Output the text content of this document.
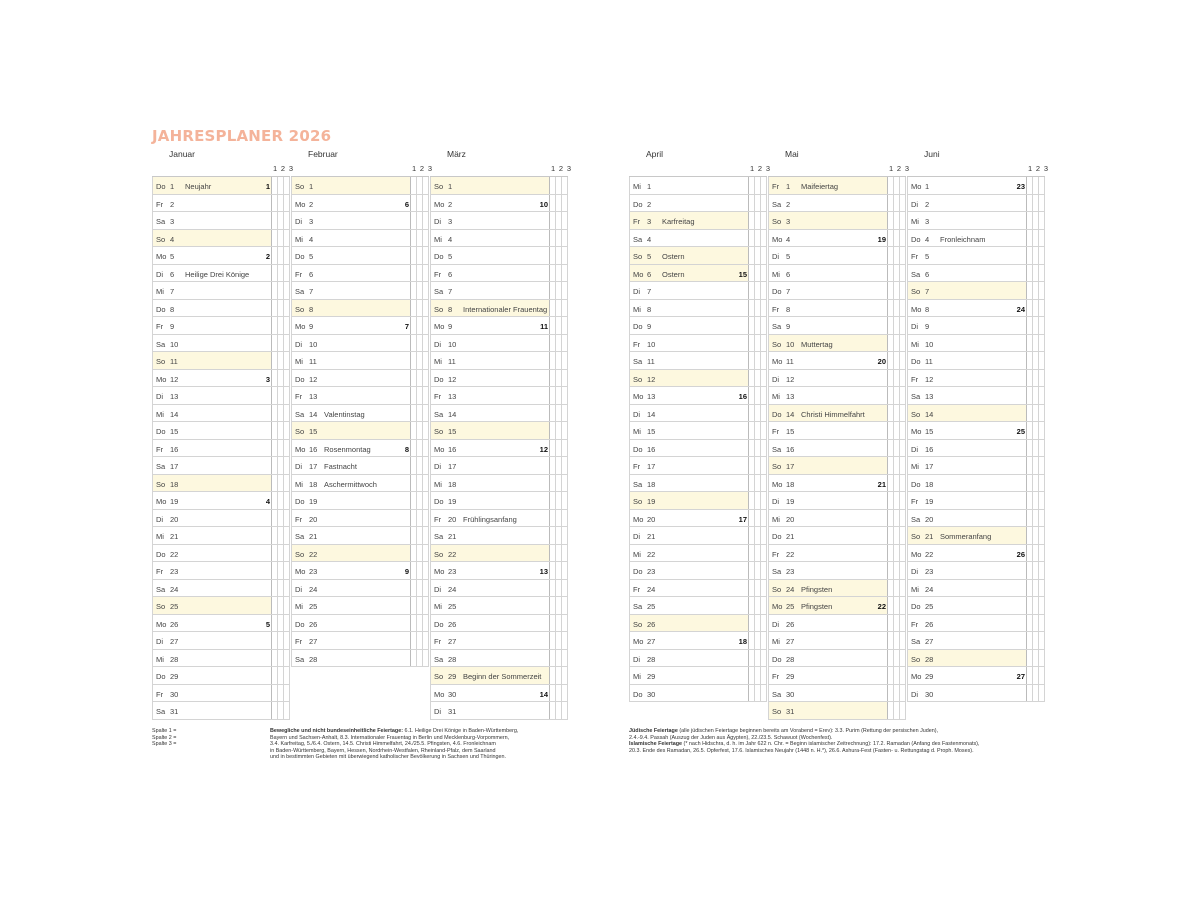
JAHRESPLANER 2026
Januar
1 2 3
Do 1 Neujahr	1
Fr 2
Sa 3
So 4
Mo 5	2
Di 6 Heilige Drei Könige
Mi 7
Do 8
Fr 9
Sa 10
So 11
Mo 12	3
Di 13
Mi 14
Do 15
Fr 16
Sa 17
So 18
Mo 19	4
Di 20
Mi 21
Do 22
Fr 23
Sa 24
So 25
Mo 26	5
Di 27
Mi 28
Do 29
Fr 30
Sa 31
Februar
1 2 3
So 1
Mo 2	6
Di 3
Mi 4
Do 5
Fr 6
Sa 7
So 8
Mo 9	7
Di 10
Mi 11
Do 12
Fr 13
Sa 14 Valentinstag
So 15
Mo 16 Rosenmontag	8
Di 17 Fastnacht
Mi 18 Aschermittwoch
Do 19
Fr 20
Sa 21
So 22
Mo 23	9
Di 24
Mi 25
Do 26
Fr 27
Sa 28
März
1 2 3
So 1
Mo 2	10
Di 3
Mi 4
Do 5
Fr 6
Sa 7
So 8 Internationaler Frauentag
Mo 9	11
Di 10
Mi 11
Do 12
Fr 13
Sa 14
So 15
Mo 16	12
Di 17
Mi 18
Do 19
Fr 20 Frühlingsanfang
Sa 21
So 22
Mo 23	13
Di 24
Mi 25
Do 26
Fr 27
Sa 28
So 29 Beginn der Sommerzeit
Mo 30	14
Di 31
April
1 2 3
Mi 1
Do 2
Fr 3 Karfreitag
Sa 4
So 5 Ostern
Mo 6 Ostern	15
Di 7
Mi 8
Do 9
Fr 10
Sa 11
So 12
Mo 13	16
Di 14
Mi 15
Do 16
Fr 17
Sa 18
So 19
Mo 20	17
Di 21
Mi 22
Do 23
Fr 24
Sa 25
So 26
Mo 27	18
Di 28
Mi 29
Do 30
Mai
1 2 3
Fr 1 Maifeiertag
Sa 2
So 3
Mo 4	19
Di 5
Mi 6
Do 7
Fr 8
Sa 9
So 10 Muttertag
Mo 11	20
Di 12
Mi 13
Do 14 Christi Himmelfahrt
Fr 15
Sa 16
So 17
Mo 18	21
Di 19
Mi 20
Do 21
Fr 22
Sa 23
So 24 Pfingsten
Mo 25 Pfingsten	22
Di 26
Mi 27
Do 28
Fr 29
Sa 30
So 31
Juni
1 2 3
Mo 1	23
Di 2
Mi 3
Do 4 Fronleichnam
Fr 5
Sa 6
So 7
Mo 8	24
Di 9
Mi 10
Do 11
Fr 12
Sa 13
So 14
Mo 15	25
Di 16
Mi 17
Do 18
Fr 19
Sa 20
So 21 Sommeranfang
Mo 22	26
Di 23
Mi 24
Do 25
Fr 26
Sa 27
So 28
Mo 29	27
Di 30
Spalte 1 =
Spalte 2 =
Spalte 3 =
Bewegliche und nicht bundeseinheitliche Feiertage: 6.1. Heilige Drei Könige in Baden-Württemberg,
Bayern und Sachsen-Anhalt, 8.3. Internationaler Frauentag in Berlin und Mecklenburg-Vorpommern,
3.4. Karfreitag, 5./6.4. Ostern, 14.5. Christi Himmelfahrt, 24./25.5. Pfingsten, 4.6. Fronleichnam
in Baden-Württemberg, Bayern, Hessen, Nordrhein-Westfalen, Rheinland-Pfalz, dem Saarland
und in bestimmten Gebieten mit überwiegend katholischer Bevölkerung in Sachsen und Thüringen.
Jüdische Feiertage (alle jüdischen Feiertage beginnen bereits am Vorabend = Erev): 3.3. Purim (Rettung der persischen Juden),
2.4.-9.4. Passah (Auszug der Juden aus Ägypten), 22./23.5. Schawuot (Wochenfest).
Islamische Feiertage (* nach Hidschra, d. h. im Jahr 622 n. Chr. = Beginn islamischer Zeitrechnung): 17.2. Ramadan (Anfang des Fastenmonats),
20.3. Ende des Ramadan, 26.5. Opferfest, 17.6. Islamisches Neujahr (1448 n. H.*), 26.6. Ashura-Fest (Fasten- u. Rettungstag d. Proph. Moses).
